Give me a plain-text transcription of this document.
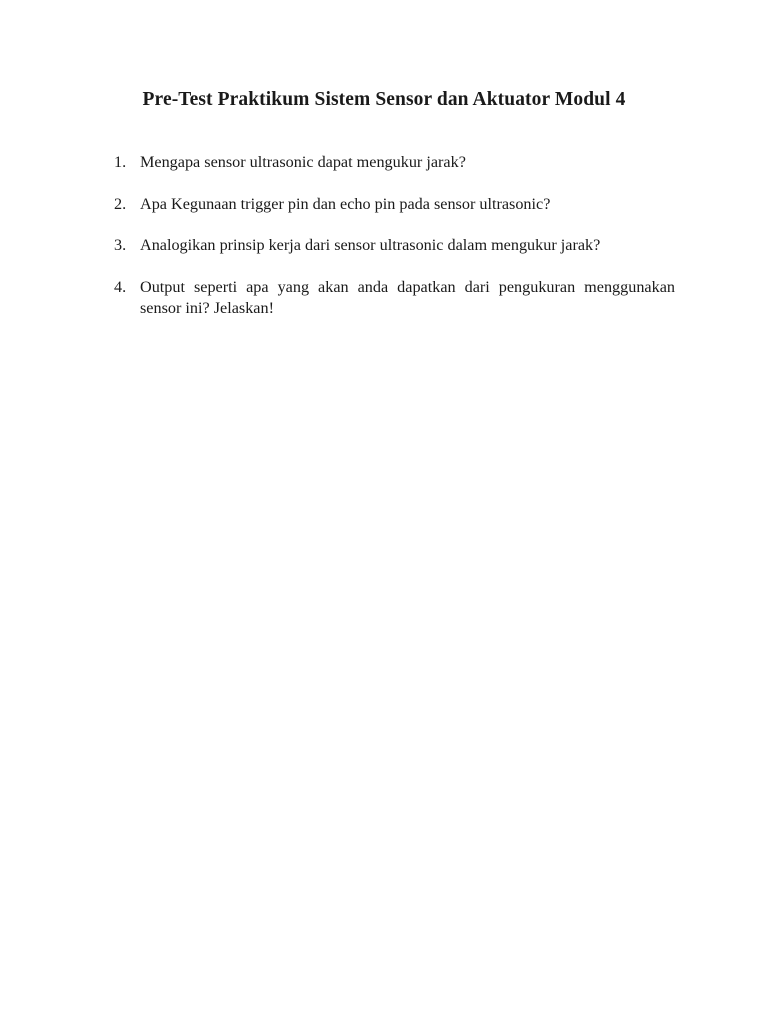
Pre-Test Praktikum Sistem Sensor dan Aktuator Modul 4
1. Mengapa sensor ultrasonic dapat mengukur jarak?
2. Apa Kegunaan trigger pin dan echo pin pada sensor ultrasonic?
3. Analogikan prinsip kerja dari sensor ultrasonic dalam mengukur jarak?
4. Output seperti apa yang akan anda dapatkan dari pengukuran menggunakan sensor ini? Jelaskan!
